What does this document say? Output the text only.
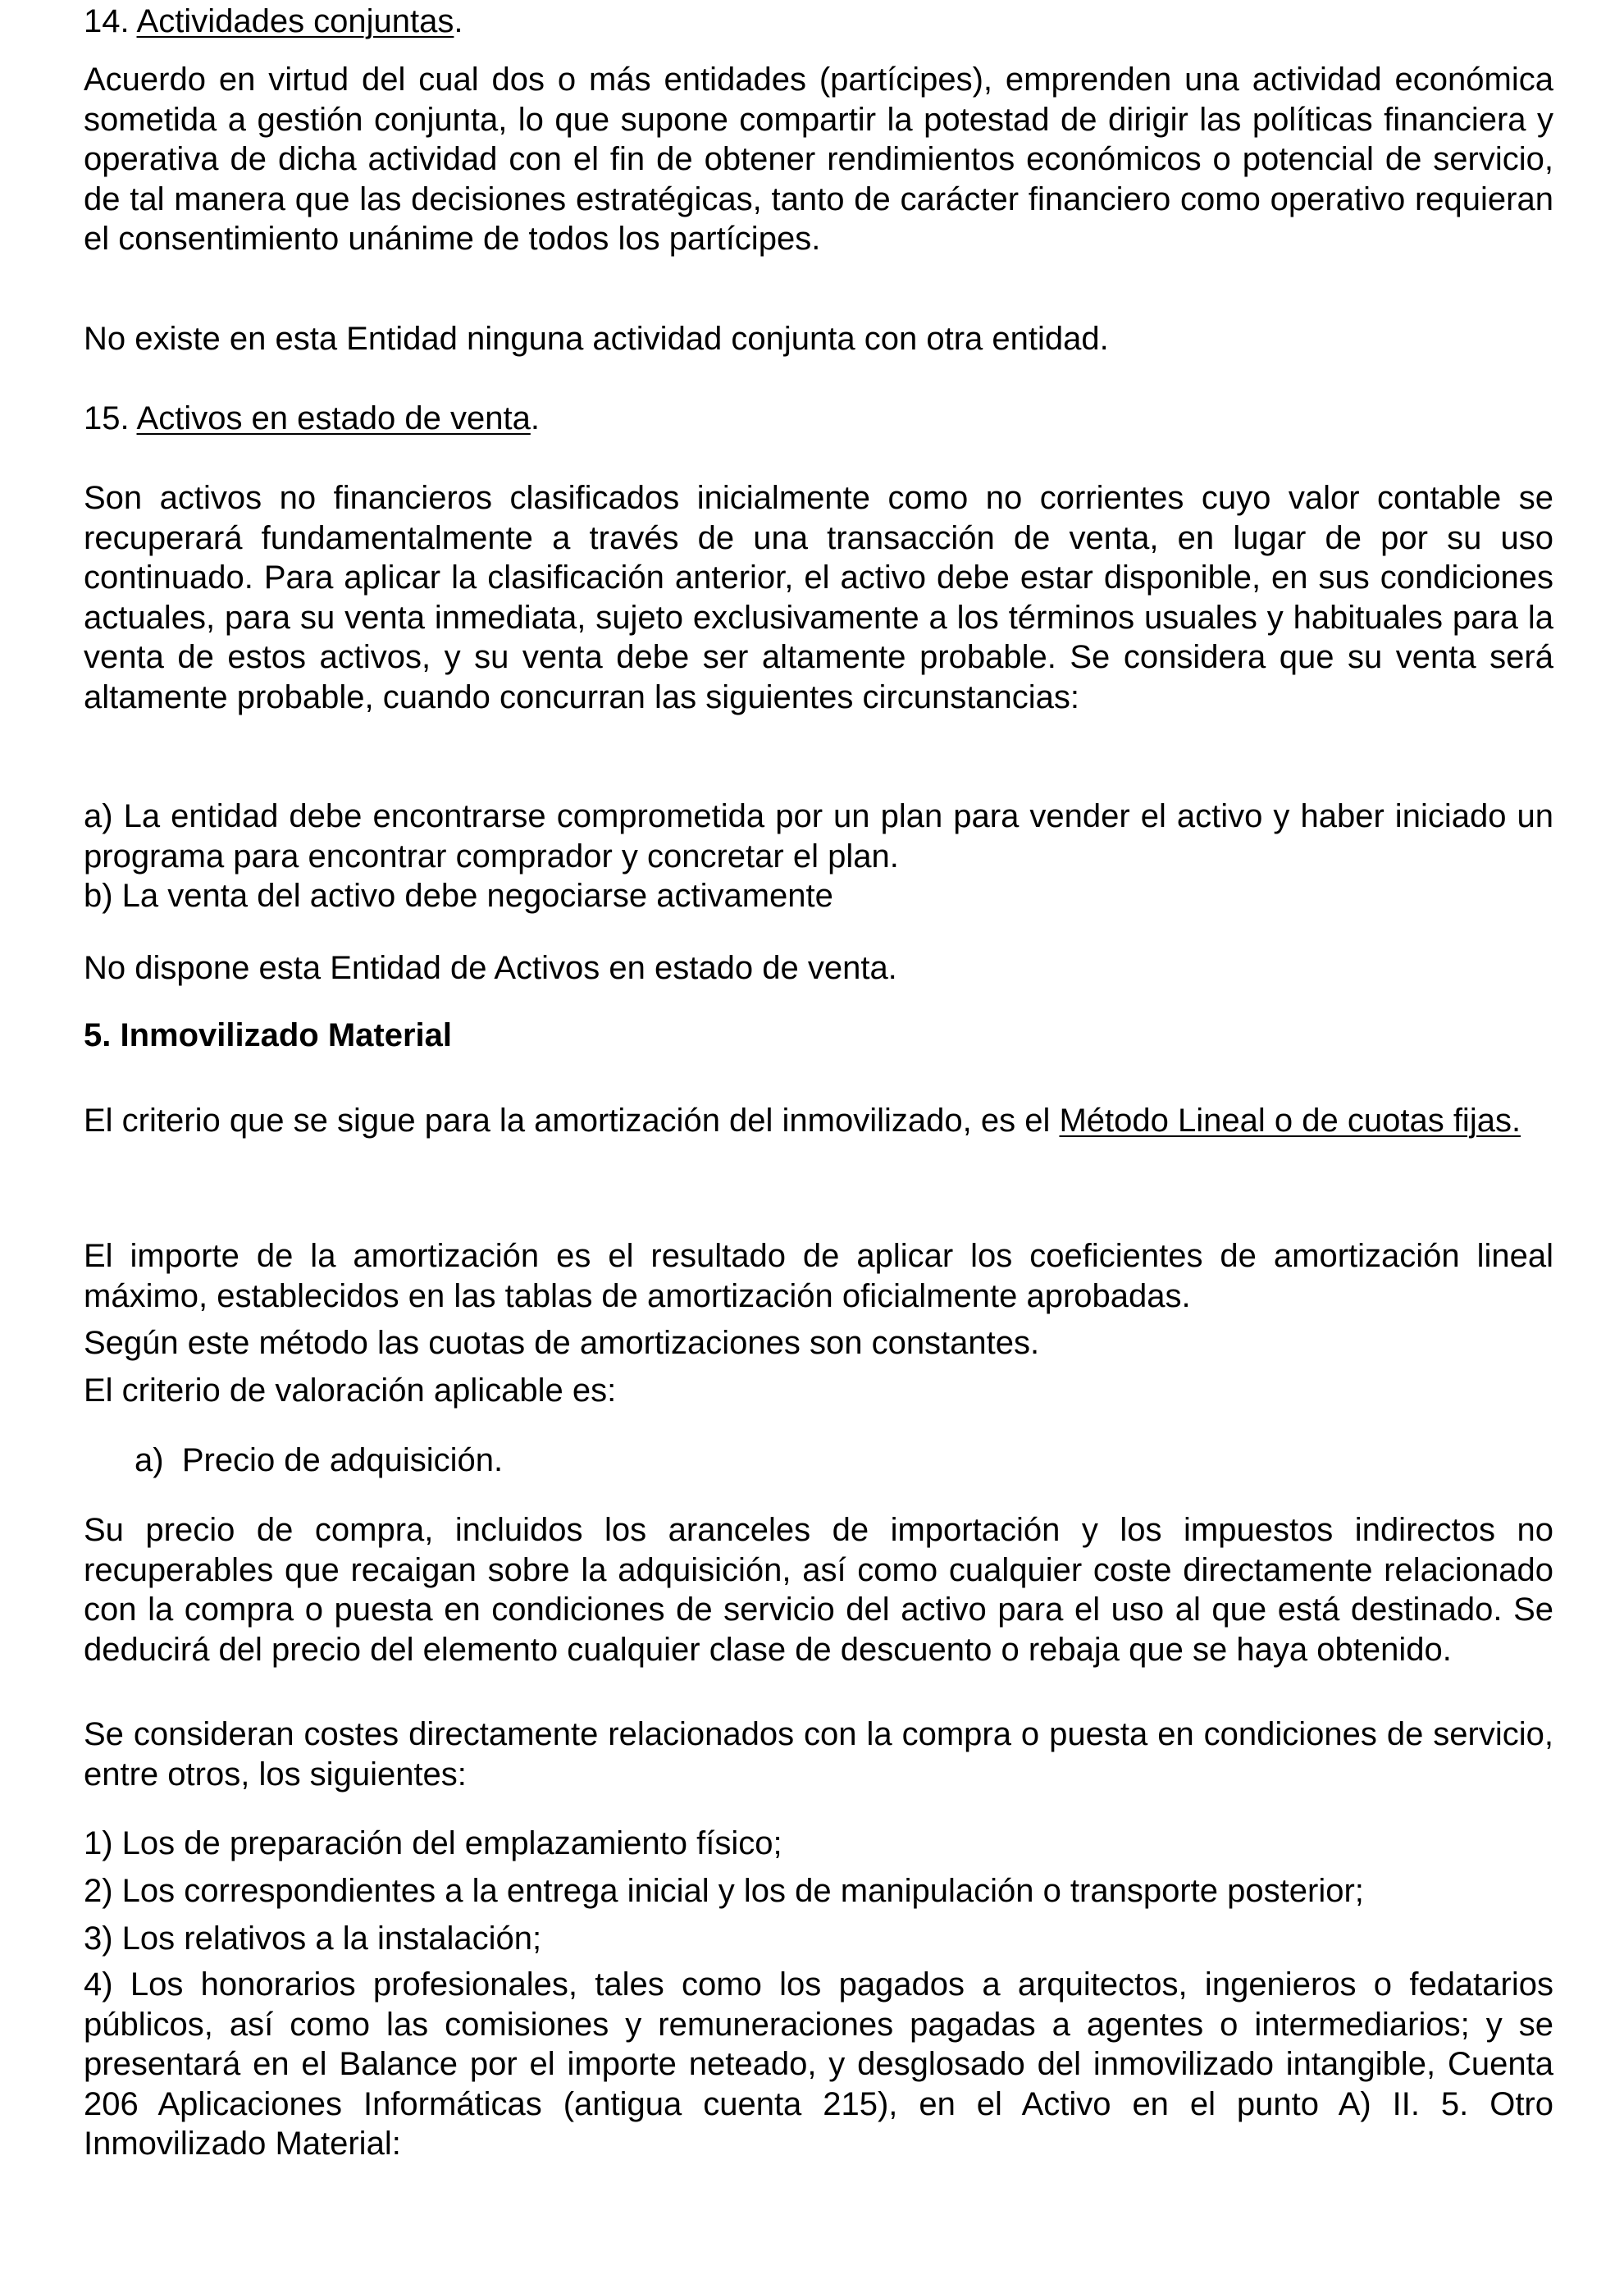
14. Actividades conjuntas.

Acuerdo en virtud del cual dos o más entidades (partícipes), emprenden una actividad económica sometida a gestión conjunta, lo que supone compartir la potestad de dirigir las políticas financiera y operativa de dicha actividad con el fin de obtener rendimientos económicos o potencial de servicio, de tal manera que las decisiones estratégicas, tanto de carácter financiero como operativo requieran el consentimiento unánime de todos los partícipes.

No existe en esta Entidad ninguna actividad conjunta con otra entidad.

15. Activos en estado de venta.

Son activos no financieros clasificados inicialmente como no corrientes cuyo valor contable se recuperará fundamentalmente a través de una transacción de venta, en lugar de por su uso continuado. Para aplicar la clasificación anterior, el activo debe estar disponible, en sus condiciones actuales, para su venta inmediata, sujeto exclusivamente a los términos usuales y habituales para la venta de estos activos, y su venta debe ser altamente probable. Se considera que su venta será altamente probable, cuando concurran las siguientes circunstancias:

a) La entidad debe encontrarse comprometida por un plan para vender el activo y haber iniciado un programa para encontrar comprador y concretar el plan.

b) La venta del activo debe negociarse activamente

No dispone esta Entidad de Activos en estado de venta.

5. Inmovilizado Material

El criterio que se sigue para la amortización del inmovilizado, es el Método Lineal o de cuotas fijas.

El importe de la amortización es el resultado de aplicar los coeficientes de amortización lineal máximo, establecidos en las tablas de amortización oficialmente aprobadas.

Según este método las cuotas de amortizaciones son constantes.

El criterio de valoración aplicable es:

a) Precio de adquisición.

Su precio de compra, incluidos los aranceles de importación y los impuestos indirectos no recuperables que recaigan sobre la adquisición, así como cualquier coste directamente relacionado con la compra o puesta en condiciones de servicio del activo para el uso al que está destinado. Se deducirá del precio del elemento cualquier clase de descuento o rebaja que se haya obtenido.

Se consideran costes directamente relacionados con la compra o puesta en condiciones de servicio, entre otros, los siguientes:

1) Los de preparación del emplazamiento físico;

2) Los correspondientes a la entrega inicial y los de manipulación o transporte posterior;

3) Los relativos a la instalación;

4) Los honorarios profesionales, tales como los pagados a arquitectos, ingenieros o fedatarios públicos, así como las comisiones y remuneraciones pagadas a agentes o intermediarios; y se presentará en el Balance por el importe neteado, y desglosado del inmovilizado intangible, Cuenta 206 Aplicaciones Informáticas (antigua cuenta 215), en el Activo en el punto A) II. 5. Otro Inmovilizado Material:
